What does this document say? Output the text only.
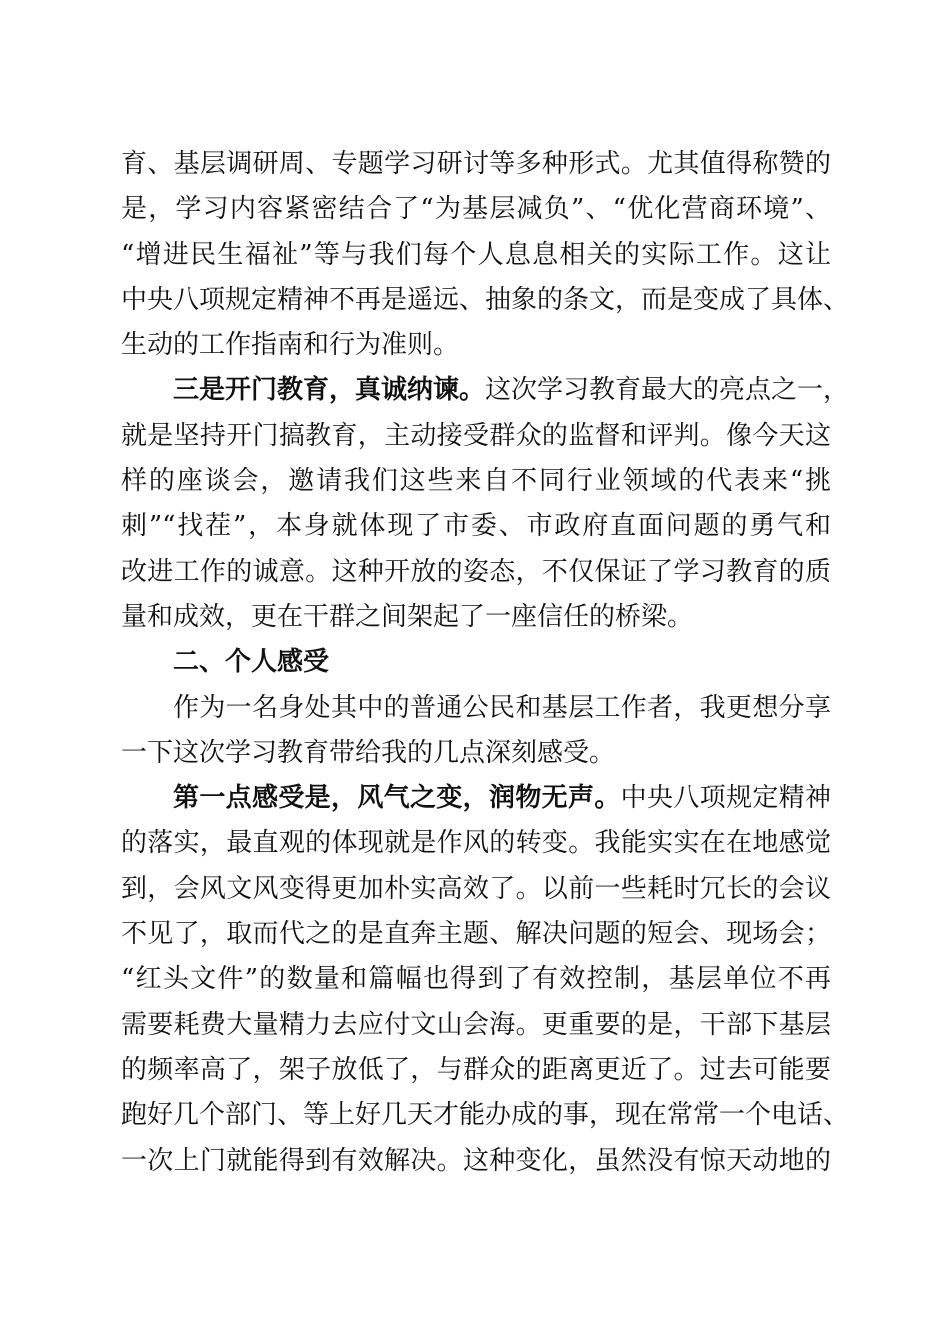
育、基层调研周、专题学习研讨等多种形式。尤其值得称赞的
是，学习内容紧密结合了“为基层减负”、“优化营商环境”、
“增进民生福祉”等与我们每个人息息相关的实际工作。这让
中央八项规定精神不再是遥远、抽象的条文，而是变成了具体、
生动的工作指南和行为准则。
三是开门教育，真诚纳谏。这次学习教育最大的亮点之一，
就是坚持开门搞教育，主动接受群众的监督和评判。像今天这
样的座谈会，邀请我们这些来自不同行业领域的代表来“挑
刺”“找茬”，本身就体现了市委、市政府直面问题的勇气和
改进工作的诚意。这种开放的姿态，不仅保证了学习教育的质
量和成效，更在干群之间架起了一座信任的桥梁。
二、个人感受
作为一名身处其中的普通公民和基层工作者，我更想分享
一下这次学习教育带给我的几点深刻感受。
第一点感受是，风气之变，润物无声。中央八项规定精神
的落实，最直观的体现就是作风的转变。我能实实在在地感觉
到，会风文风变得更加朴实高效了。以前一些耗时冗长的会议
不见了，取而代之的是直奔主题、解决问题的短会、现场会；
“红头文件”的数量和篇幅也得到了有效控制，基层单位不再
需要耗费大量精力去应付文山会海。更重要的是，干部下基层
的频率高了，架子放低了，与群众的距离更近了。过去可能要
跑好几个部门、等上好几天才能办成的事，现在常常一个电话、
一次上门就能得到有效解决。这种变化，虽然没有惊天动地的
